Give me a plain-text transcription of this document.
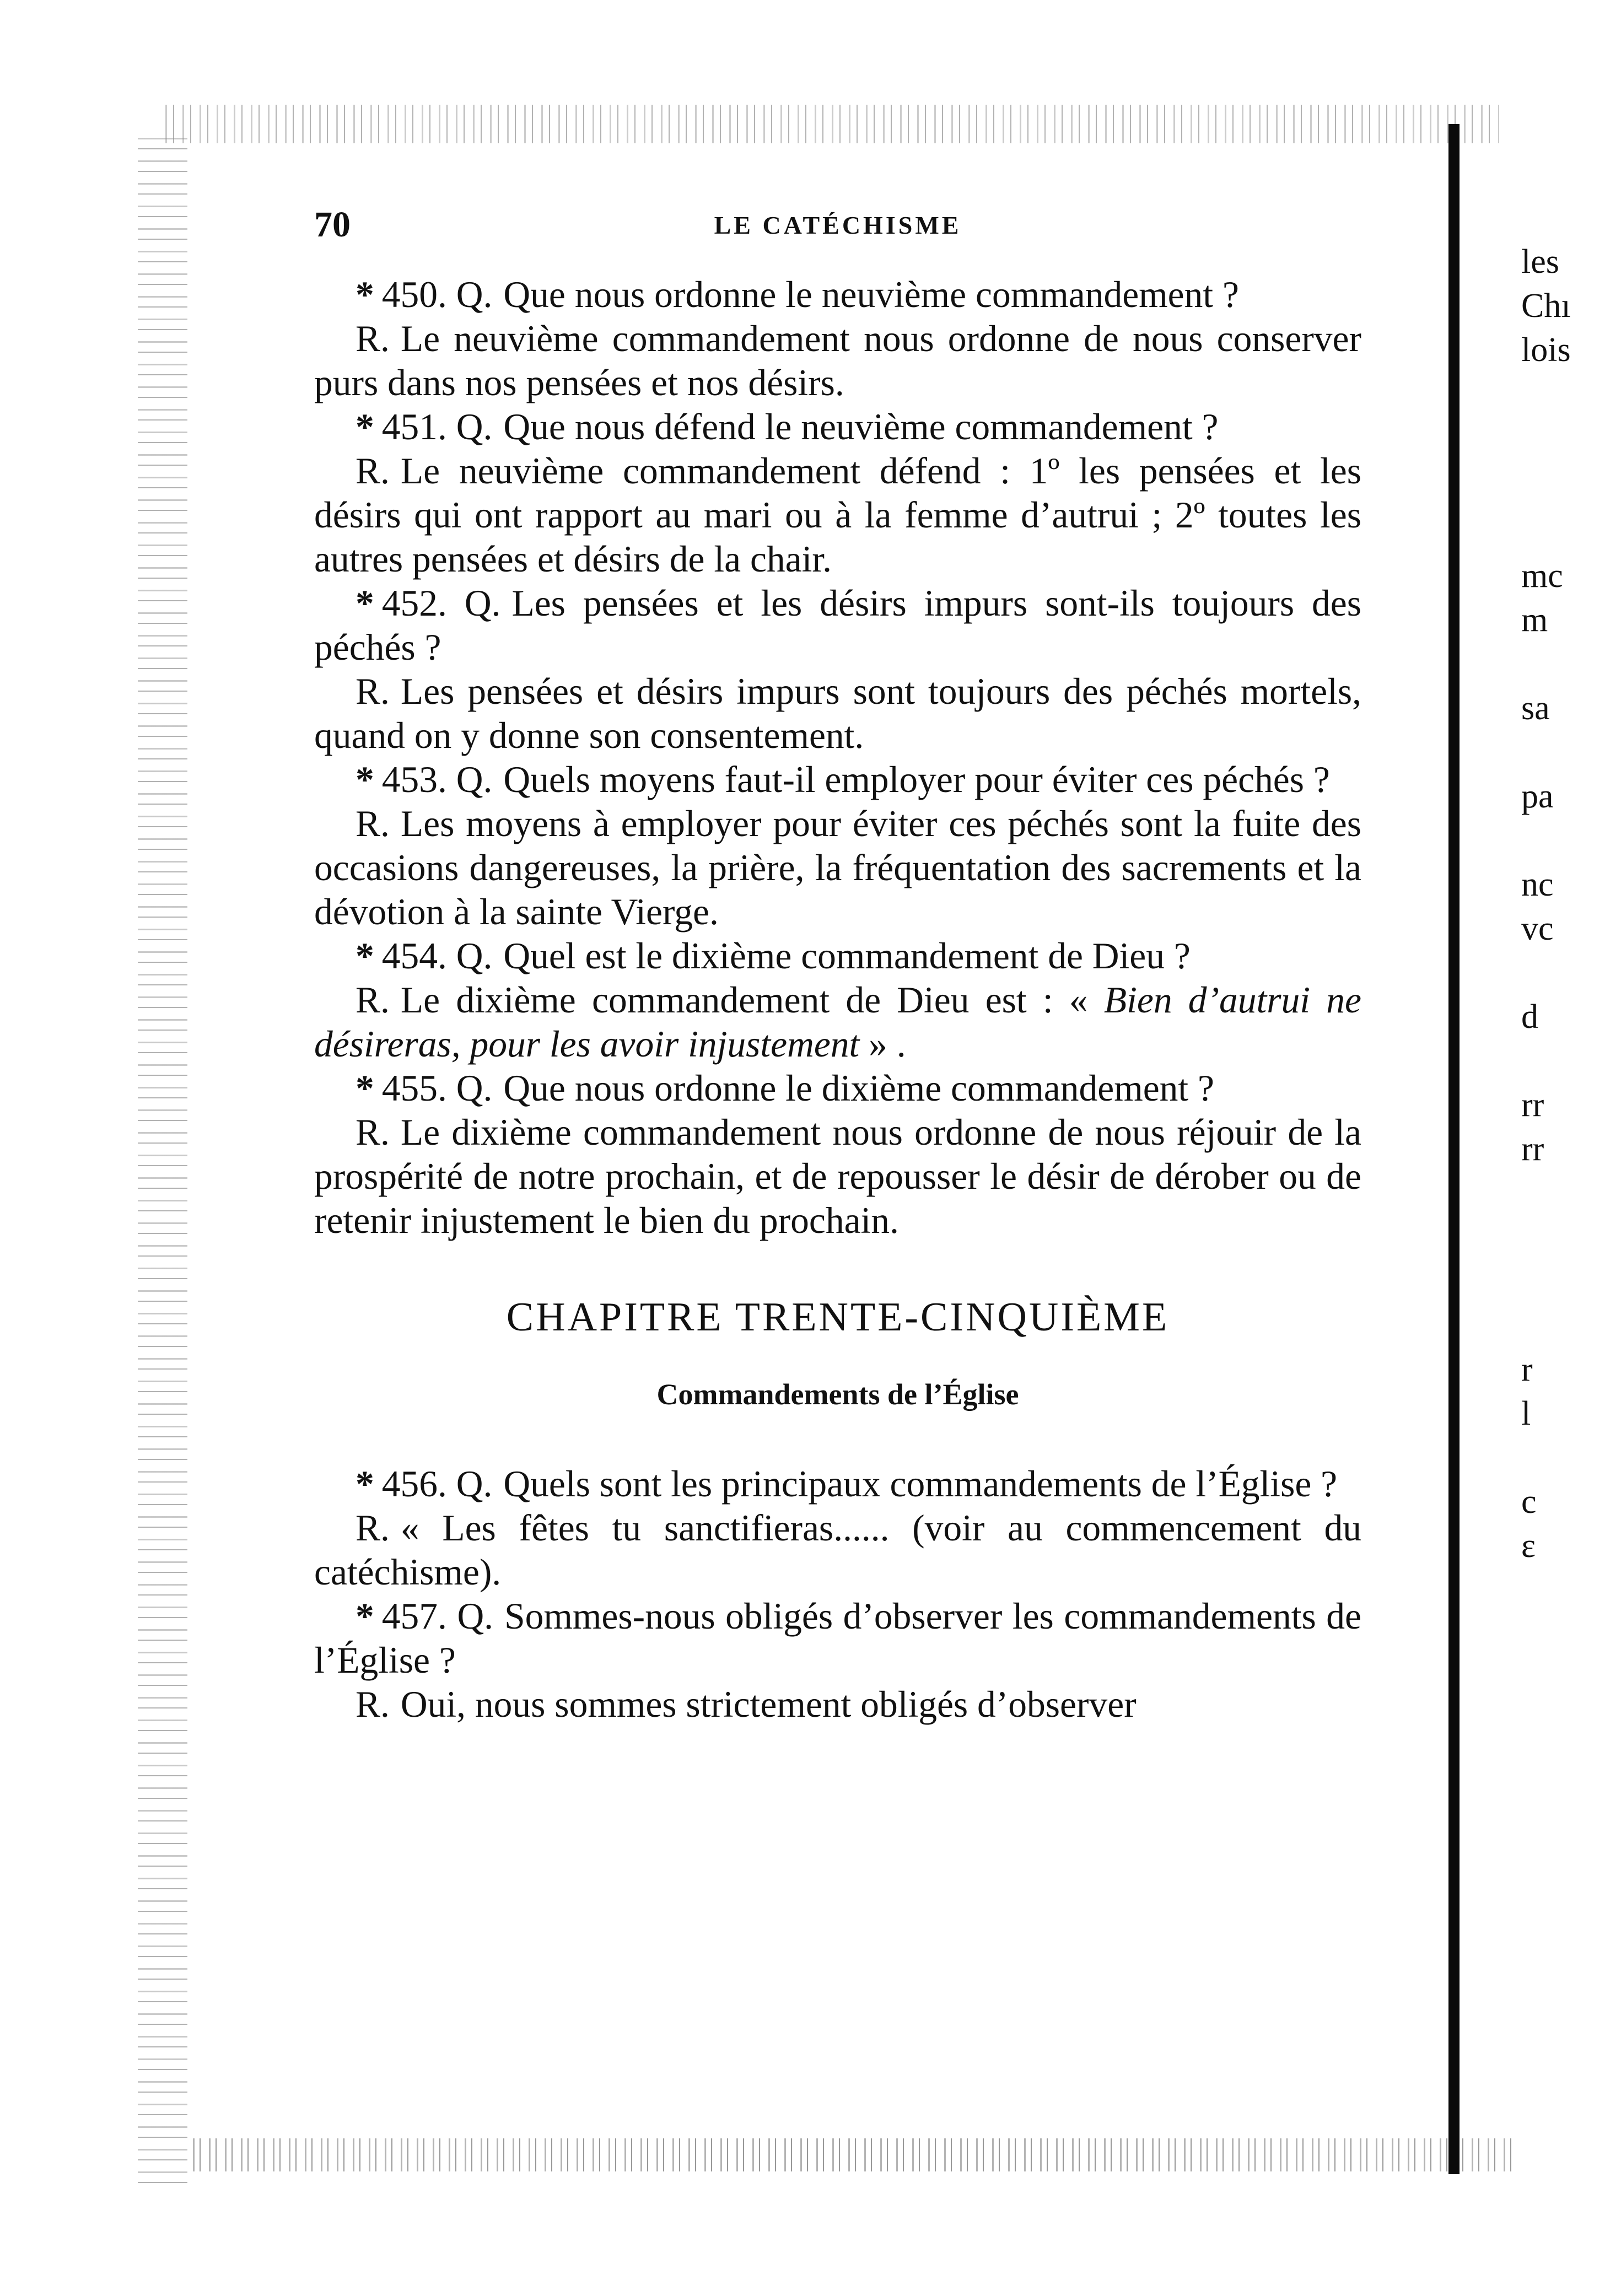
70	LE CATÉCHISME

* 450. Q. Que nous ordonne le neuvième commandement ?

R. Le neuvième commandement nous ordonne de nous conserver purs dans nos pensées et nos désirs.

* 451. Q. Que nous défend le neuvième commandement ?

R. Le neuvième commandement défend : 1º les pensées et les désirs qui ont rapport au mari ou à la femme d’autrui ; 2º toutes les autres pensées et désirs de la chair.

* 452. Q. Les pensées et les désirs impurs sont-ils toujours des péchés ?

R. Les pensées et désirs impurs sont toujours des péchés mortels, quand on y donne son consentement.

* 453. Q. Quels moyens faut-il employer pour éviter ces péchés ?

R. Les moyens à employer pour éviter ces péchés sont la fuite des occasions dangereuses, la prière, la fréquentation des sacrements et la dévotion à la sainte Vierge.

* 454. Q. Quel est le dixième commandement de Dieu ?

R. Le dixième commandement de Dieu est : « Bien d’autrui ne désireras, pour les avoir injustement » .

* 455. Q. Que nous ordonne le dixième commandement ?

R. Le dixième commandement nous ordonne de nous réjouir de la prospérité de notre prochain, et de repousser le désir de dérober ou de retenir injustement le bien du prochain.

CHAPITRE TRENTE-CINQUIÈME
Commandements de l’Église

* 456. Q. Quels sont les principaux commandements de l’Église ?

R. « Les fêtes tu sanctifieras...... (voir au commencement du catéchisme).

* 457. Q. Sommes-nous obligés d’observer les commandements de l’Église ?

R. Oui, nous sommes strictement obligés d’observer

les
Chı
lois
mc
m
sa
pa
nc
vc
d
rr
rr
r
l
c
ɛ
